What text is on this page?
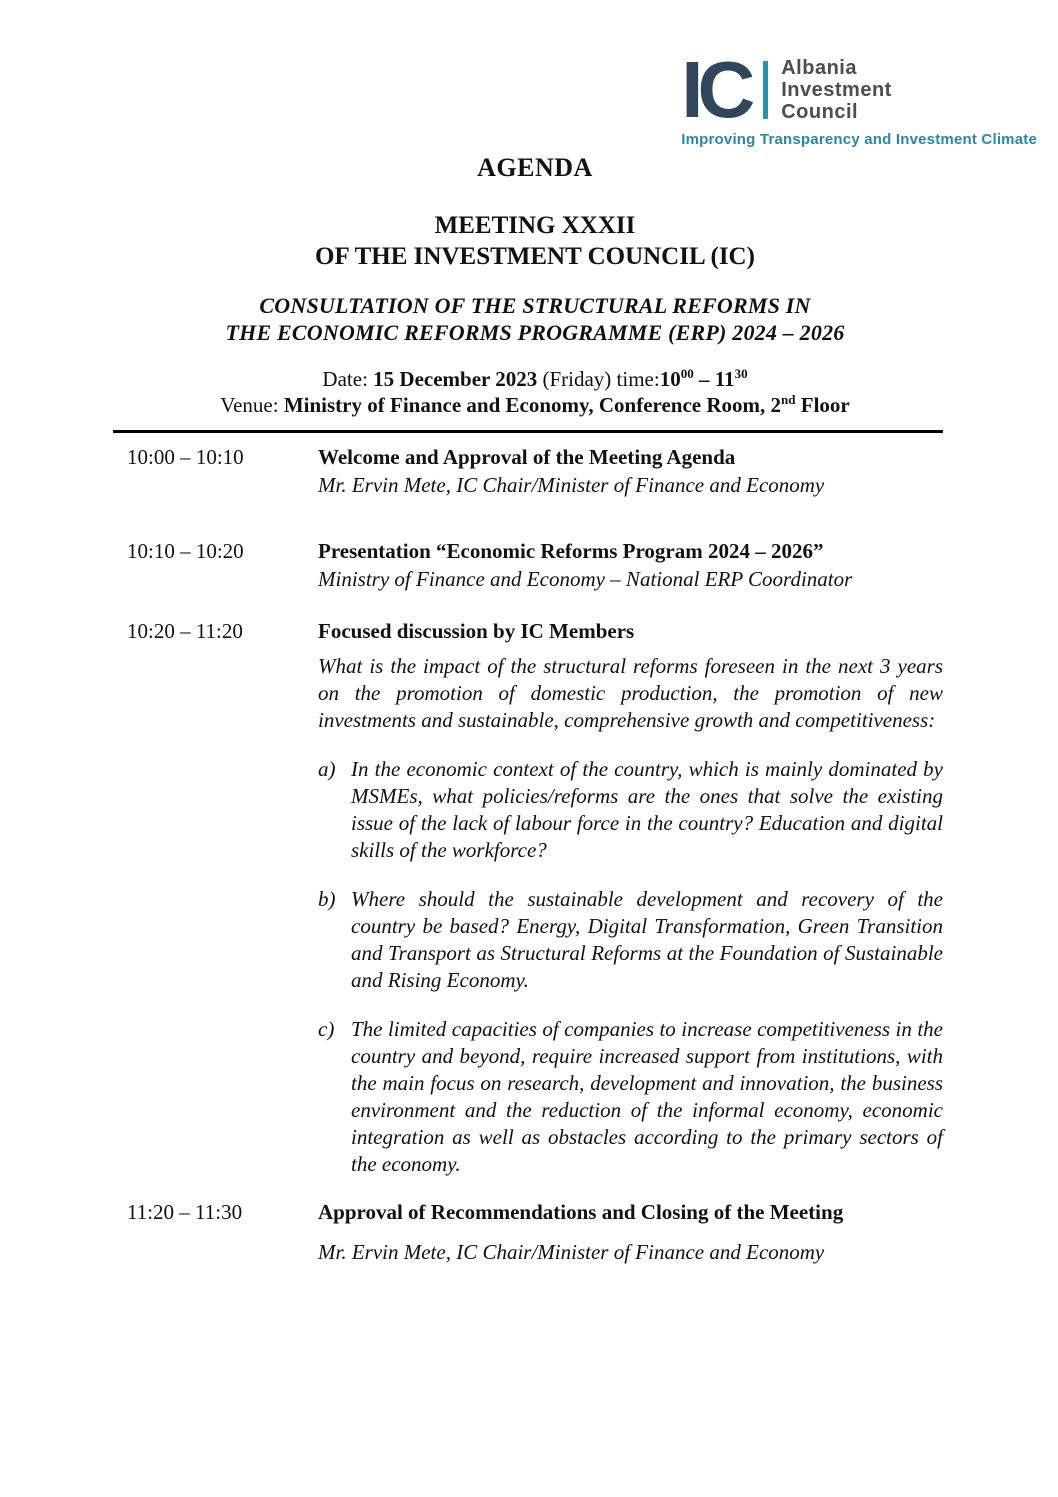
IC	Albania
Investment
Council
Improving Transparency and Investment Climate
AGENDA
MEETING XXXII
OF THE INVESTMENT COUNCIL (IC)
CONSULTATION OF THE STRUCTURAL REFORMS IN
THE ECONOMIC REFORMS PROGRAMME (ERP) 2024 – 2026
Date: 15 December 2023 (Friday) $time:10^{00} - 11^{30}$
Venue: Ministry of Finance and Economy, Conference Room, 2nd Floor
10:00 – 10:10	Welcome and Approval of the Meeting Agenda
Mr. Ervin Mete, IC Chair/Minister of Finance and Economy
10:10 – 10:20	Presentation “Economic Reforms Program 2024 – 2026”
Ministry of Finance and Economy – National ERP Coordinator
10:20 – 11:20	Focused discussion by IC Members
What is the impact of the structural reforms foreseen in the next 3 years on the promotion of domestic production, the promotion of new investments and sustainable, comprehensive growth and competitiveness:
a) In the economic context of the country, which is mainly dominated by MSMEs, what policies/reforms are the ones that solve the existing issue of the lack of labour force in the country? Education and digital skills of the workforce?
b) Where should the sustainable development and recovery of the country be based? Energy, Digital Transformation, Green Transition and Transport as Structural Reforms at the Foundation of Sustainable and Rising Economy.
c) The limited capacities of companies to increase competitiveness in the country and beyond, require increased support from institutions, with the main focus on research, development and innovation, the business environment and the reduction of the informal economy, economic integration as well as obstacles according to the primary sectors of the economy.
11:20 – 11:30	Approval of Recommendations and Closing of the Meeting
Mr. Ervin Mete, IC Chair/Minister of Finance and Economy
